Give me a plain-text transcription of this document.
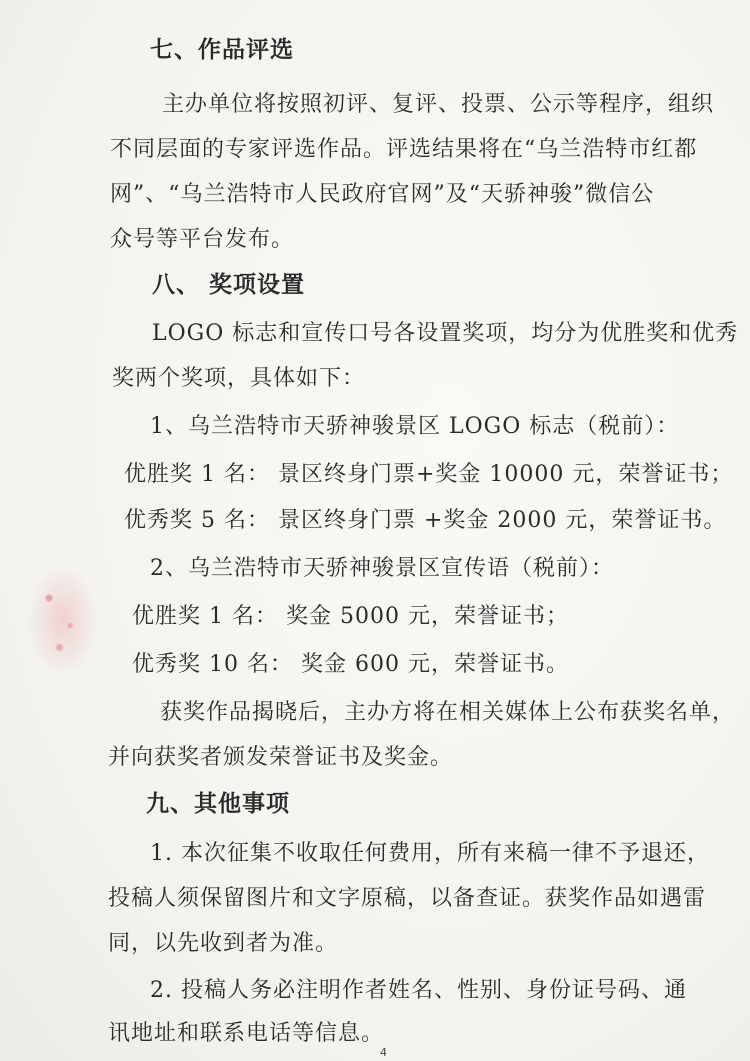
七、作品评选
主办单位将按照初评、复评、投票、公示等程序，组织
不同层面的专家评选作品。评选结果将在“乌兰浩特市红都
网”、“乌兰浩特市人民政府官网”及“天骄神骏”微信公
众号等平台发布。
八、 奖项设置
LOGO 标志和宣传口号各设置奖项，均分为优胜奖和优秀
奖两个奖项，具体如下：
1、乌兰浩特市天骄神骏景区 LOGO 标志（税前）：
优胜奖 1 名： 景区终身门票+奖金 10000 元，荣誉证书；
优秀奖 5 名： 景区终身门票 +奖金 2000 元，荣誉证书。
2、乌兰浩特市天骄神骏景区宣传语（税前）：
优胜奖 1 名： 奖金 5000 元，荣誉证书；
优秀奖 10 名： 奖金 600 元，荣誉证书。
获奖作品揭晓后，主办方将在相关媒体上公布获奖名单，
并向获奖者颁发荣誉证书及奖金。
九、其他事项
1. 本次征集不收取任何费用，所有来稿一律不予退还，
投稿人须保留图片和文字原稿，以备查证。获奖作品如遇雷
同，以先收到者为准。
2. 投稿人务必注明作者姓名、性别、身份证号码、通
讯地址和联系电话等信息。
4
